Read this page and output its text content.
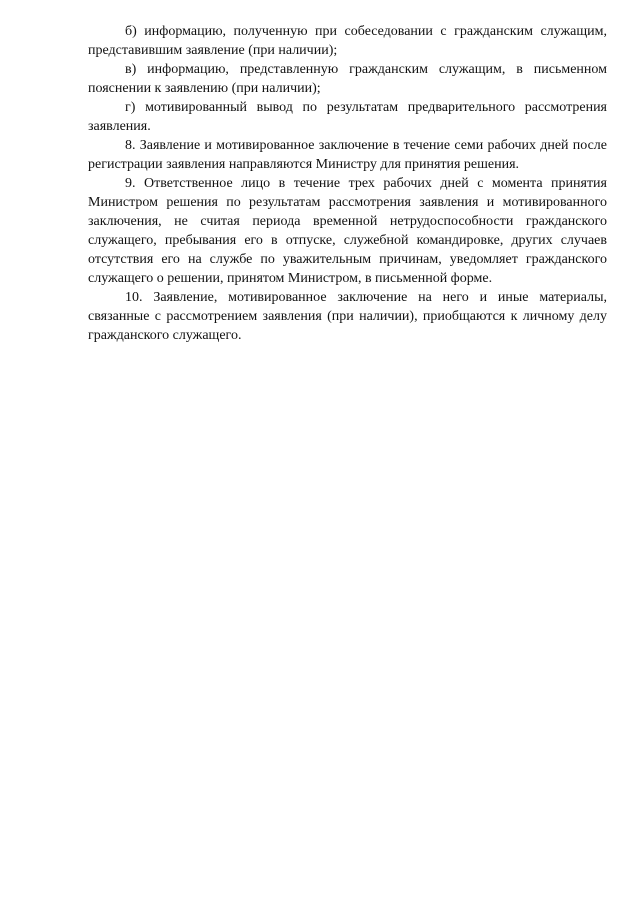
б) информацию, полученную при собеседовании с гражданским служащим, представившим заявление (при наличии);

в) информацию, представленную гражданским служащим, в письменном пояснении к заявлению (при наличии);

г) мотивированный вывод по результатам предварительного рассмотрения заявления.

8. Заявление и мотивированное заключение в течение семи рабочих дней после регистрации заявления направляются Министру для принятия решения.

9. Ответственное лицо в течение трех рабочих дней с момента принятия Министром решения по результатам рассмотрения заявления и мотивированного заключения, не считая периода временной нетрудоспособности гражданского служащего, пребывания его в отпуске, служебной командировке, других случаев отсутствия его на службе по уважительным причинам, уведомляет гражданского служащего о решении, принятом Министром, в письменной форме.

10. Заявление, мотивированное заключение на него и иные материалы, связанные с рассмотрением заявления (при наличии), приобщаются к личному делу гражданского служащего.
